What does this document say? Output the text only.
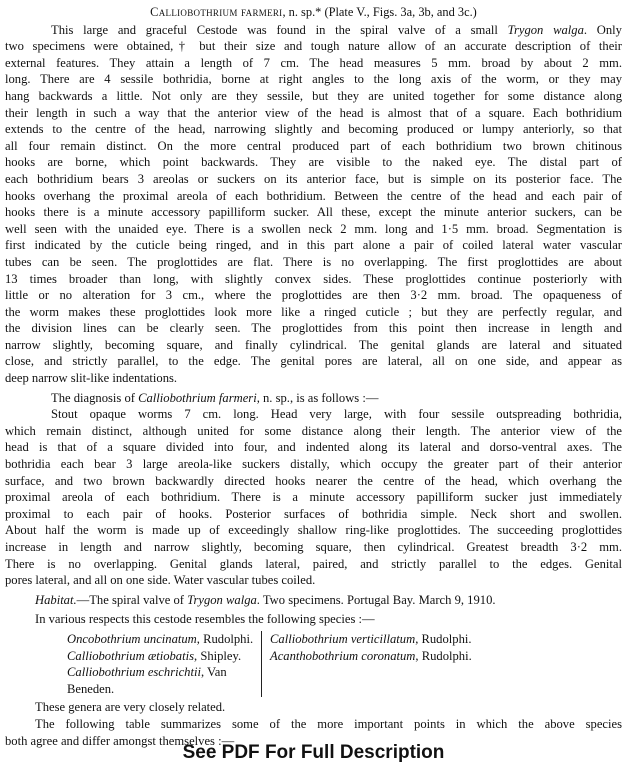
Calliobothrium farmeri, n. sp.* (Plate V., Figs. 3a, 3b, and 3c.)
This large and graceful Cestode was found in the spiral valve of a small Trygon walga. Only
two specimens were obtained,† but their size and tough nature allow of an accurate description of their
external features. They attain a length of 7 cm. The head measures 5 mm. broad by about 2 mm.
long. There are 4 sessile bothridia, borne at right angles to the long axis of the worm, or they may
hang backwards a little. Not only are they sessile, but they are united together for some distance along
their length in such a way that the anterior view of the head is almost that of a square. Each bothridium
extends to the centre of the head, narrowing slightly and becoming produced or lumpy anteriorly, so that
all four remain distinct. On the more central produced part of each bothridium two brown chitinous
hooks are borne, which point backwards. They are visible to the naked eye. The distal part of
each bothridium bears 3 areolas or suckers on its anterior face, but is simple on its posterior face. The
hooks overhang the proximal areola of each bothridium. Between the centre of the head and each pair of
hooks there is a minute accessory papilliform sucker. All these, except the minute anterior suckers, can be
well seen with the unaided eye. There is a swollen neck 2 mm. long and 1·5 mm. broad. Segmentation is
first indicated by the cuticle being ringed, and in this part alone a pair of coiled lateral water vascular
tubes can be seen. The proglottides are flat. There is no overlapping. The first proglottides are about
13 times broader than long, with slightly convex sides. These proglottides continue posteriorly with
little or no alteration for 3 cm., where the proglottides are then 3·2 mm. broad. The opaqueness of
the worm makes these proglottides look more like a ringed cuticle ; but they are perfectly regular, and
the division lines can be clearly seen. The proglottides from this point then increase in length and
narrow slightly, becoming square, and finally cylindrical. The genital glands are lateral and situated
close, and strictly parallel, to the edge. The genital pores are lateral, all on one side, and appear as
deep narrow slit-like indentations.
The diagnosis of Calliobothrium farmeri, n. sp., is as follows :—
Stout opaque worms 7 cm. long. Head very large, with four sessile outspreading bothridia,
which remain distinct, although united for some distance along their length. The anterior view of the
head is that of a square divided into four, and indented along its lateral and dorso-ventral axes. The
bothridia each bear 3 large areola-like suckers distally, which occupy the greater part of their anterior
surface, and two brown backwardly directed hooks nearer the centre of the head, which overhang the
proximal areola of each bothridium. There is a minute accessory papilliform sucker just immediately
proximal to each pair of hooks. Posterior surfaces of bothridia simple. Neck short and swollen.
About half the worm is made up of exceedingly shallow ring-like proglottides. The succeeding proglottides
increase in length and narrow slightly, becoming square, then cylindrical. Greatest breadth 3·2 mm.
There is no overlapping. Genital glands lateral, paired, and strictly parallel to the edges. Genital
pores lateral, and all on one side. Water vascular tubes coiled.
Habitat.—The spiral valve of Trygon walga. Two specimens. Portugal Bay. March 9, 1910.
In various respects this cestode resembles the following species :—
Oncobothrium uncinatum, Rudolphi.
Calliobothrium ætiobatis, Shipley.
Calliobothrium eschrichtii, Van Beneden.
Calliobothrium verticillatum, Rudolphi.
Acanthobothrium coronatum, Rudolphi.
These genera are very closely related.
The following table summarizes some of the more important points in which the above species
both agree and differ amongst themselves :—
See PDF For Full Description
